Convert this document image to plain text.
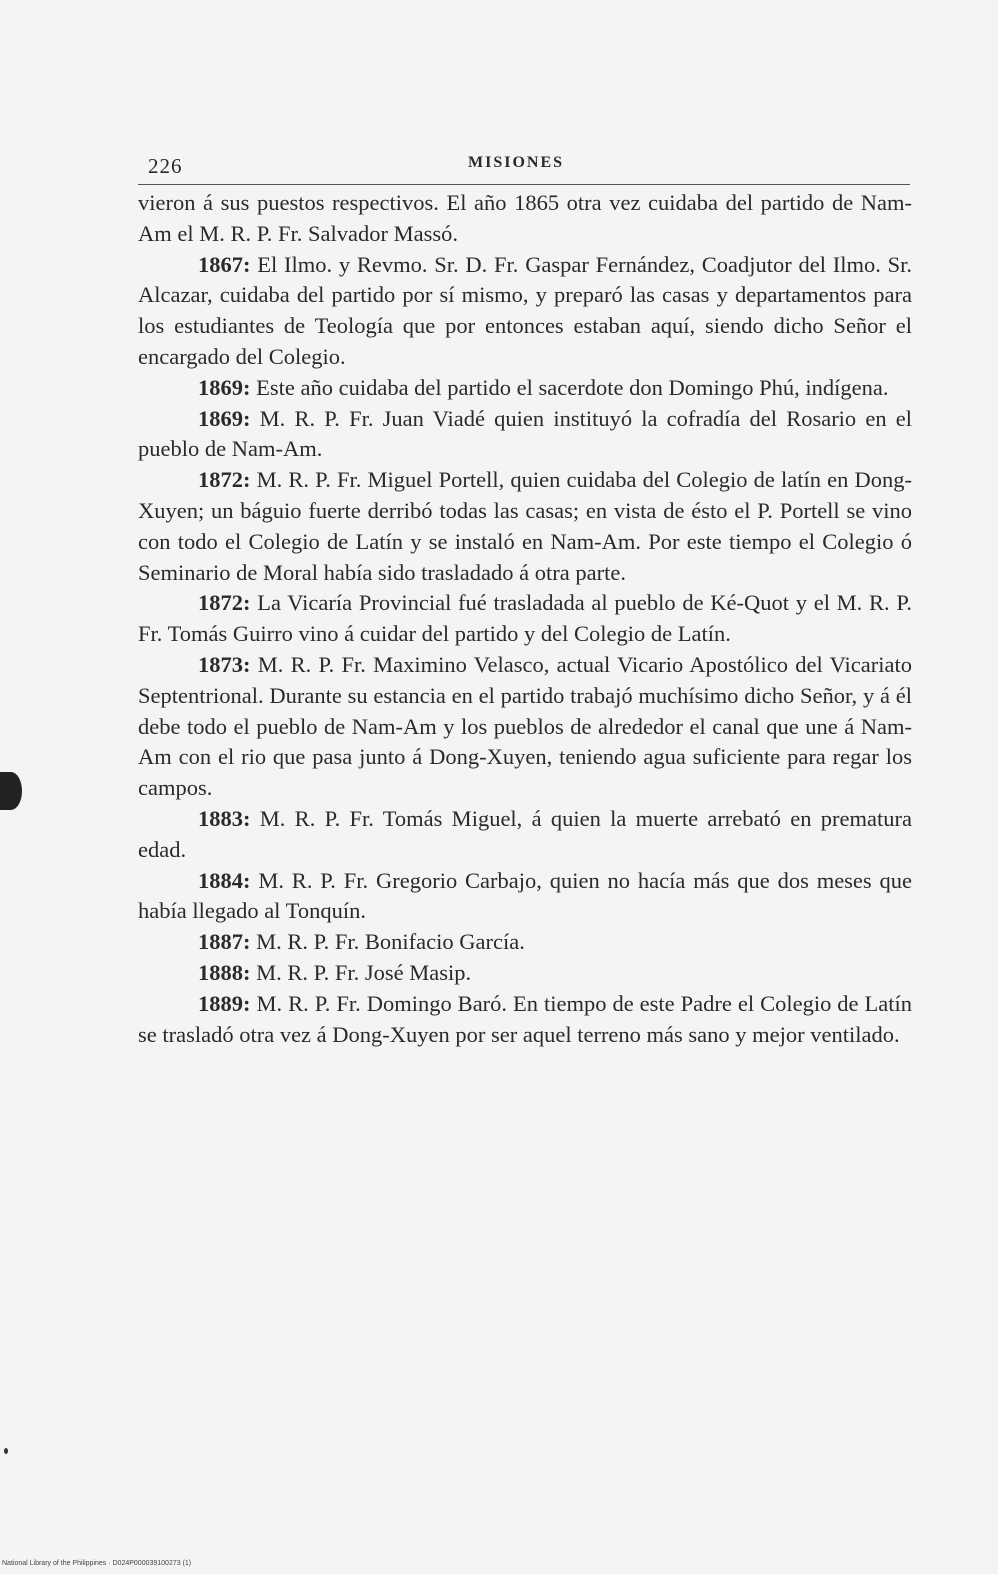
226	MISIONES

vieron á sus puestos respectivos. El año 1865 otra vez cuidaba del partido de Nam-Am el M. R. P. Fr. Salvador Massó.

1867: El Ilmo. y Revmo. Sr. D. Fr. Gaspar Fernández, Coadjutor del Ilmo. Sr. Alcazar, cuidaba del partido por sí mismo, y preparó las casas y departamentos para los estudiantes de Teología que por entonces estaban aquí, siendo dicho Señor el encargado del Colegio.

1869: Este año cuidaba del partido el sacerdote don Domingo Phú, indígena.

1869: M. R. P. Fr. Juan Viadé quien instituyó la cofradía del Rosario en el pueblo de Nam-Am.

1872: M. R. P. Fr. Miguel Portell, quien cuidaba del Colegio de latín en Dong-Xuyen; un báguio fuerte derribó todas las casas; en vista de ésto el P. Portell se vino con todo el Colegio de Latín y se instaló en Nam-Am. Por este tiempo el Colegio ó Seminario de Moral había sido trasladado á otra parte.

1872: La Vicaría Provincial fué trasladada al pueblo de Ké-Quot y el M. R. P. Fr. Tomás Guirro vino á cuidar del partido y del Colegio de Latín.

1873: M. R. P. Fr. Maximino Velasco, actual Vicario Apostólico del Vicariato Septentrional. Durante su estancia en el partido trabajó muchísimo dicho Señor, y á él debe todo el pueblo de Nam-Am y los pueblos de alrededor el canal que une á Nam-Am con el rio que pasa junto á Dong-Xuyen, teniendo agua suficiente para regar los campos.

1883: M. R. P. Fr. Tomás Miguel, á quien la muerte arrebató en prematura edad.

1884: M. R. P. Fr. Gregorio Carbajo, quien no hacía más que dos meses que había llegado al Tonquín.

1887: M. R. P. Fr. Bonifacio García.

1888: M. R. P. Fr. José Masip.

1889: M. R. P. Fr. Domingo Baró. En tiempo de este Padre el Colegio de Latín se trasladó otra vez á Dong-Xuyen por ser aquel terreno más sano y mejor ventilado.

National Library of the Philippines · D024P000039100273 (1)
